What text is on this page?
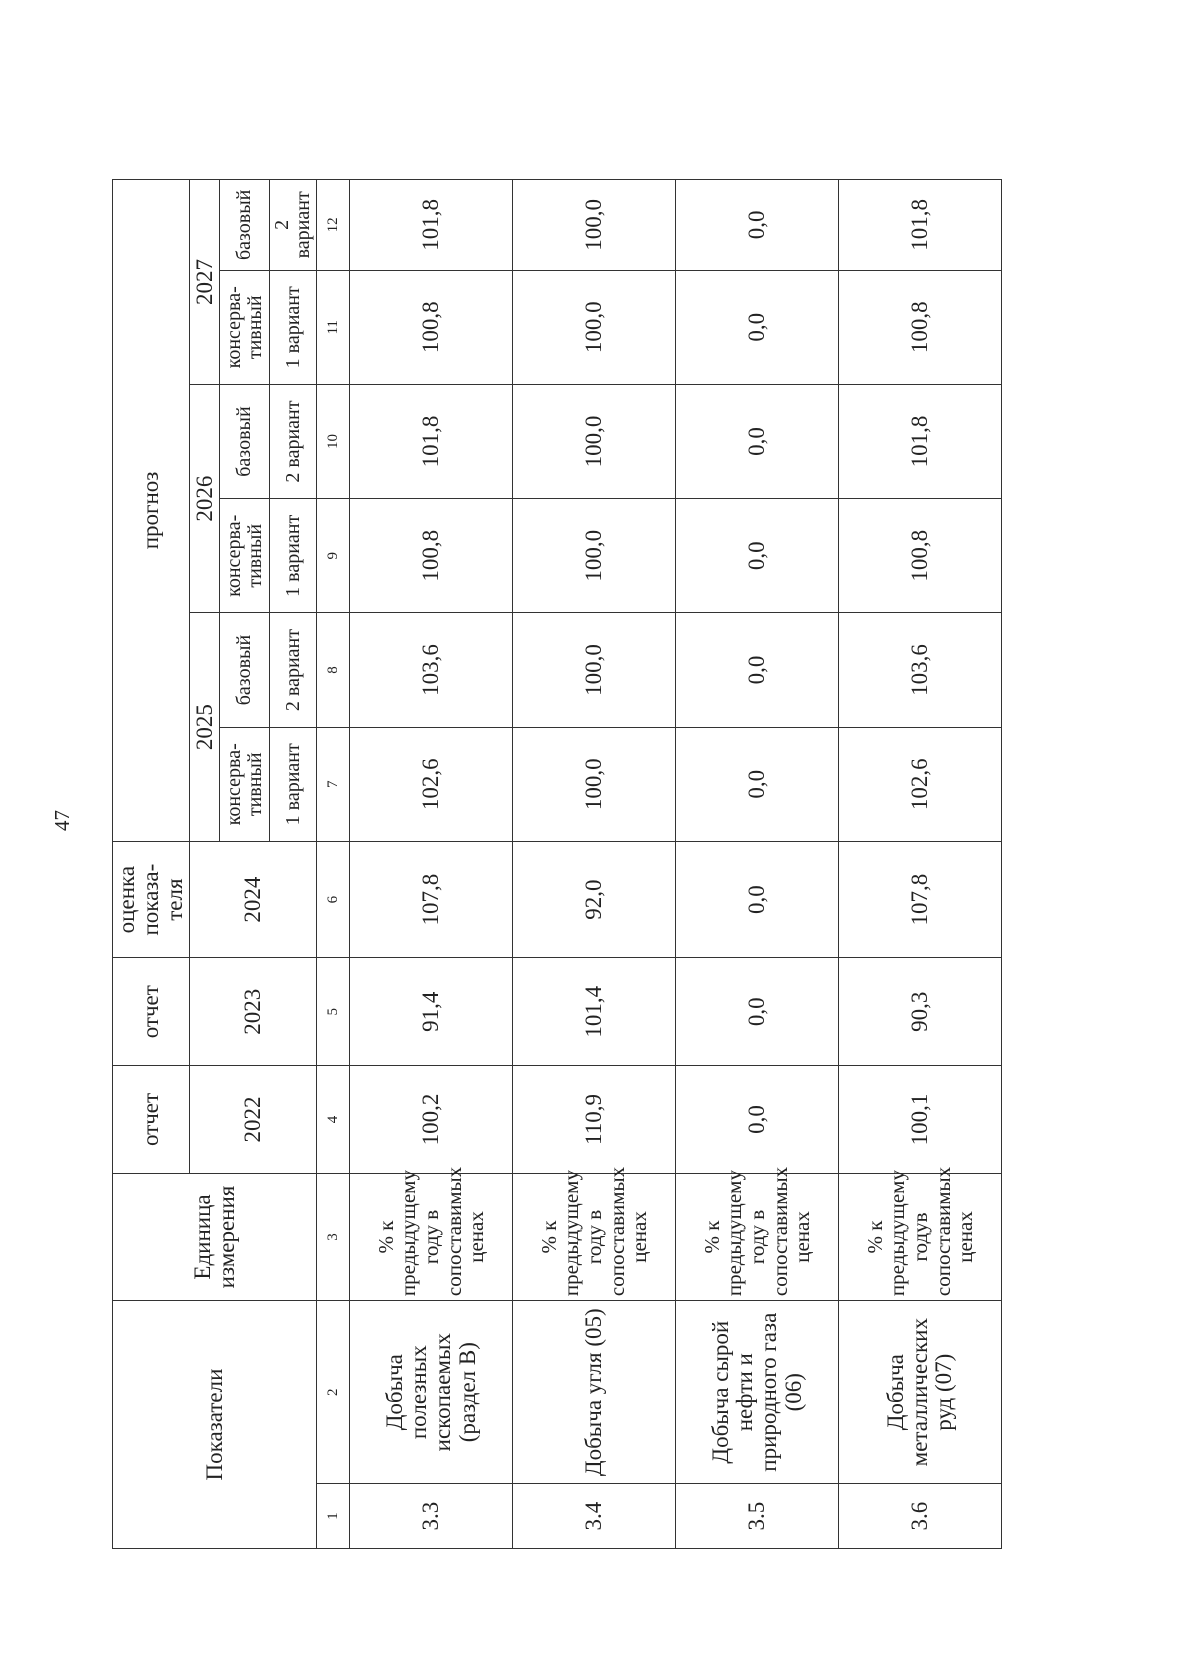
47
Показатели		Единица измерения	отчет	отчет	оценка показа-теля	прогноз					
			2022	2023	2024	2025		2026		2027	
						консерва-тивный	базовый	консерва-тивный	базовый	консерва-тивный	базовый
						1 вариант	2 вариант	1 вариант	2 вариант	1 вариант	2 вариант
1	2	3	4	5	6	7	8	9	10	11	12
3.3	Добыча полезных ископаемых (раздел В)	% к предыдущему году в сопоставимых ценах	100,2	91,4	107,8	102,6	103,6	100,8	101,8	100,8	101,8
3.4	Добыча угля (05)	% к предыдущему году в сопоставимых ценах	110,9	101,4	92,0	100,0	100,0	100,0	100,0	100,0	100,0
3.5	Добыча сырой нефти и природного газа (06)	% к предыдущему году в сопоставимых ценах	0,0	0,0	0,0	0,0	0,0	0,0	0,0	0,0	0,0
3.6	Добыча металлических руд (07)	% к предыдущему годув сопоставимых ценах	100,1	90,3	107,8	102,6	103,6	100,8	101,8	100,8	101,8
